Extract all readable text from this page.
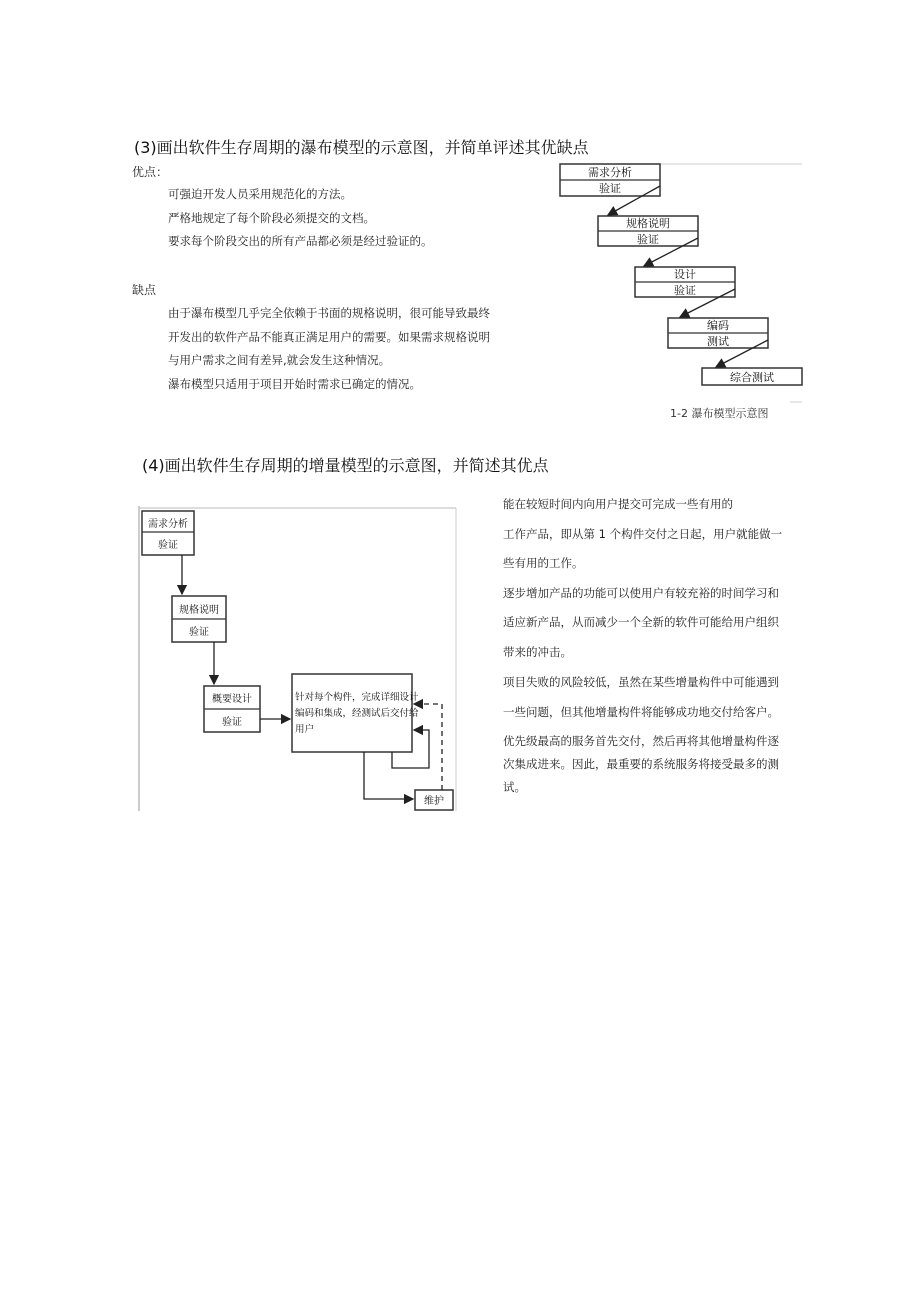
(3)画出软件生存周期的瀑布模型的示意图，并简单评述其优缺点
优点：
可强迫开发人员采用规范化的方法。
严格地规定了每个阶段必须提交的文档。
要求每个阶段交出的所有产品都必须是经过验证的。
缺点
由于瀑布模型几乎完全依赖于书面的规格说明，很可能导致最终
开发出的软件产品不能真正满足用户的需要。如果需求规格说明
与用户需求之间有差异,就会发生这种情况。
瀑布模型只适用于项目开始时需求已确定的情况。
需求分析
验证
规格说明
验证
设计
验证
编码
测试
综合测试
1-2 瀑布模型示意图
(4)画出软件生存周期的增量模型的示意图，并简述其优点
需求分析
验证
规格说明
验证
概要设计
验证
针对每个构件，完成详细设计
编码和集成，经测试后交付给
用户
维护
能在较短时间内向用户提交可完成一些有用的
工作产品，即从第 1 个构件交付之日起，用户就能做一
些有用的工作。
逐步增加产品的功能可以使用户有较充裕的时间学习和
适应新产品，从而减少一个全新的软件可能给用户组织
带来的冲击。
项目失败的风险较低，虽然在某些增量构件中可能遇到
一些问题，但其他增量构件将能够成功地交付给客户。
优先级最高的服务首先交付，然后再将其他增量构件逐
次集成进来。因此，最重要的系统服务将接受最多的测
试。
